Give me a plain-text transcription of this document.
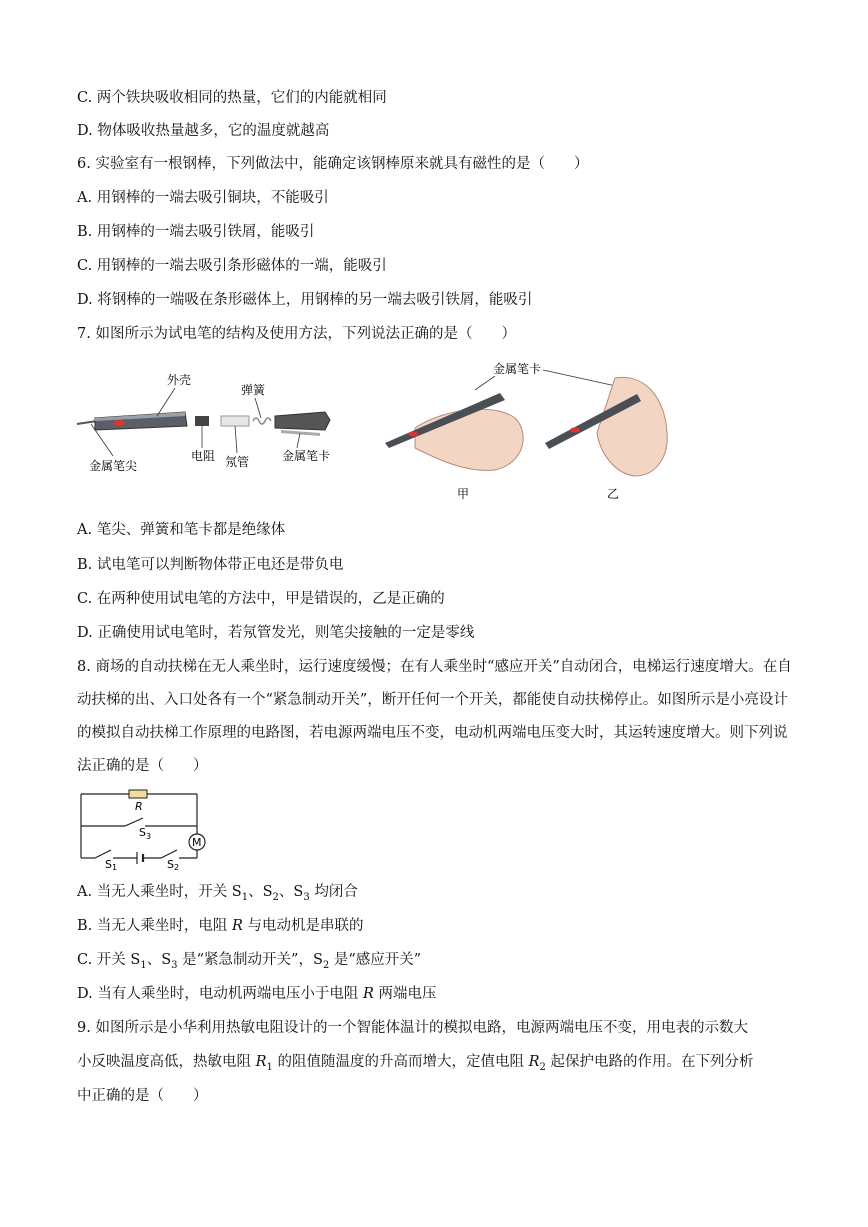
C. 两个铁块吸收相同的热量，它们的内能就相同
D. 物体吸收热量越多，它的温度就越高
6. 实验室有一根钢棒，下列做法中，能确定该钢棒原来就具有磁性的是（　　）
A. 用钢棒的一端去吸引铜块，不能吸引
B. 用钢棒的一端去吸引铁屑，能吸引
C. 用钢棒的一端去吸引条形磁体的一端，能吸引
D. 将钢棒的一端吸在条形磁体上，用钢棒的另一端去吸引铁屑，能吸引
7. 如图所示为试电笔的结构及使用方法，下列说法正确的是（　　）
外壳
弹簧
金属笔尖
电阻 氖管	金属笔卡
金属笔卡
甲	乙
A. 笔尖、弹簧和笔卡都是绝缘体
B. 试电笔可以判断物体带正电还是带负电
C. 在两种使用试电笔的方法中，甲是错误的，乙是正确的
D. 正确使用试电笔时，若氖管发光，则笔尖接触的一定是零线
8. 商场的自动扶梯在无人乘坐时，运行速度缓慢；在有人乘坐时“感应开关”自动闭合，电梯运行速度增大。在自动扶梯的出、入口处各有一个“紧急制动开关”，断开任何一个开关，都能使自动扶梯停止。如图所示是小亮设计的模拟自动扶梯工作原理的电路图，若电源两端电压不变，电动机两端电压变大时，其运转速度增大。则下列说法正确的是（　　）
M
R
S 3
S 1	S 2
A. 当无人乘坐时，开关 $S_1$、$S_2$、$S_3$ 均闭合
B. 当无人乘坐时，电阻 R 与电动机是串联的
C. 开关 $S_1$、$S_3$ 是“紧急制动开关”，$S_2$ 是“感应开关”
D. 当有人乘坐时，电动机两端电压小于电阻 R 两端电压
9. 如图所示是小华利用热敏电阻设计的一个智能体温计的模拟电路，电源两端电压不变，用电表的示数大
小反映温度高低，热敏电阻 $R_1$ 的阻值随温度的升高而增大，定值电阻 $R_2$ 起保护电路的作用。在下列分析
中正确的是（　　）
